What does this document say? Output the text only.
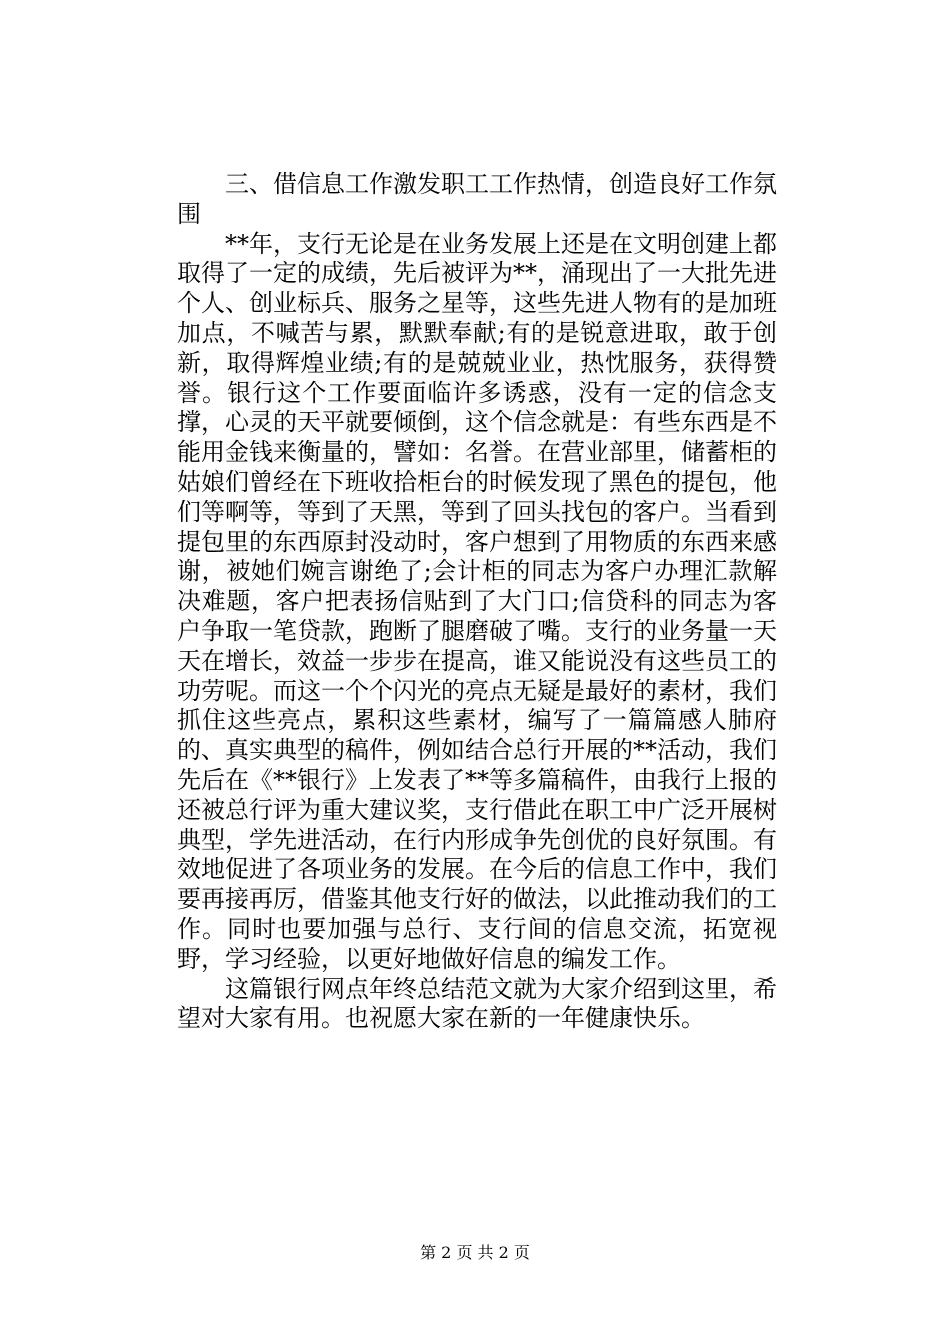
三、借信息工作激发职工工作热情，创造良好工作氛围

**年，支行无论是在业务发展上还是在文明创建上都取得了一定的成绩，先后被评为**，涌现出了一大批先进个人、创业标兵、服务之星等，这些先进人物有的是加班加点，不喊苦与累，默默奉献;有的是锐意进取，敢于创新，取得辉煌业绩;有的是兢兢业业，热忱服务，获得赞誉。银行这个工作要面临许多诱惑，没有一定的信念支撑，心灵的天平就要倾倒，这个信念就是：有些东西是不能用金钱来衡量的，譬如：名誉。在营业部里，储蓄柜的姑娘们曾经在下班收拾柜台的时候发现了黑色的提包，他们等啊等，等到了天黑，等到了回头找包的客户。当看到提包里的东西原封没动时，客户想到了用物质的东西来感谢，被她们婉言谢绝了;会计柜的同志为客户办理汇款解决难题，客户把表扬信贴到了大门口;信贷科的同志为客户争取一笔贷款，跑断了腿磨破了嘴。支行的业务量一天天在增长，效益一步步在提高，谁又能说没有这些员工的功劳呢。而这一个个闪光的亮点无疑是最好的素材，我们抓住这些亮点，累积这些素材，编写了一篇篇感人肺府的、真实典型的稿件，例如结合总行开展的**活动，我们先后在《**银行》上发表了**等多篇稿件，由我行上报的还被总行评为重大建议奖，支行借此在职工中广泛开展树典型，学先进活动，在行内形成争先创优的良好氛围。有效地促进了各项业务的发展。在今后的信息工作中，我们要再接再厉，借鉴其他支行好的做法，以此推动我们的工作。同时也要加强与总行、支行间的信息交流，拓宽视野，学习经验，以更好地做好信息的编发工作。

这篇银行网点年终总结范文就为大家介绍到这里，希望对大家有用。也祝愿大家在新的一年健康快乐。

第 2 页 共 2 页
